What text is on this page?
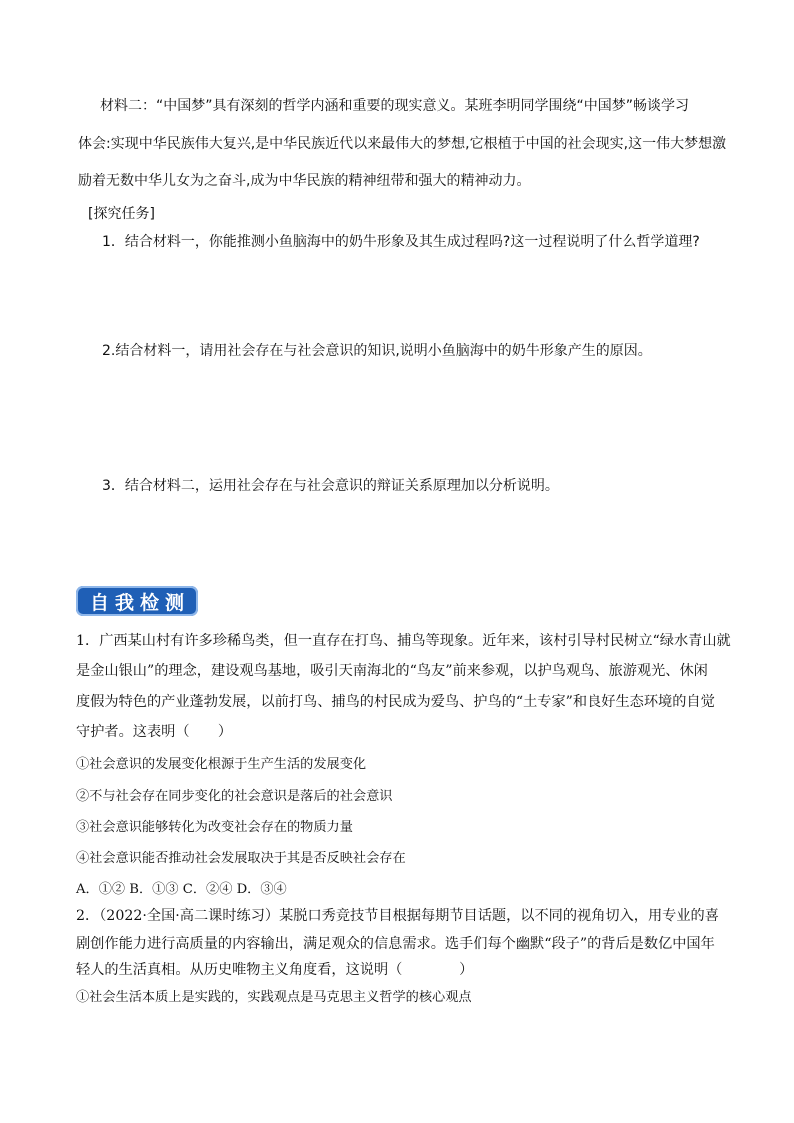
材料二：“中国梦”具有深刻的哲学内涵和重要的现实意义。某班李明同学围绕“中国梦”畅谈学习
体会:实现中华民族伟大复兴,是中华民族近代以来最伟大的梦想,它根植于中国的社会现实,这一伟大梦想激
励着无数中华儿女为之奋斗,成为中华民族的精神纽带和强大的精神动力。
[探究任务]
1．结合材料一，你能推测小鱼脑海中的奶牛形象及其生成过程吗?这一过程说明了什么哲学道理?
2.结合材料一，请用社会存在与社会意识的知识,说明小鱼脑海中的奶牛形象产生的原因。
3．结合材料二，运用社会存在与社会意识的辩证关系原理加以分析说明。
自我检测
1．广西某山村有许多珍稀鸟类，但一直存在打鸟、捕鸟等现象。近年来，该村引导村民树立“绿水青山就
是金山银山”的理念，建设观鸟基地，吸引天南海北的“鸟友”前来参观，以护鸟观鸟、旅游观光、休闲
度假为特色的产业蓬勃发展，以前打鸟、捕鸟的村民成为爱鸟、护鸟的“土专家”和良好生态环境的自觉
守护者。这表明（　　）
①社会意识的发展变化根源于生产生活的发展变化
②不与社会存在同步变化的社会意识是落后的社会意识
③社会意识能够转化为改变社会存在的物质力量
④社会意识能否推动社会发展取决于其是否反映社会存在
A．①② B．①③ C．②④ D．③④
2．（2022·全国·高二课时练习）某脱口秀竞技节目根据每期节目话题，以不同的视角切入，用专业的喜
剧创作能力进行高质量的内容输出，满足观众的信息需求。选手们每个幽默“段子”的背后是数亿中国年
轻人的生活真相。从历史唯物主义角度看，这说明（　　　　）
①社会生活本质上是实践的，实践观点是马克思主义哲学的核心观点
